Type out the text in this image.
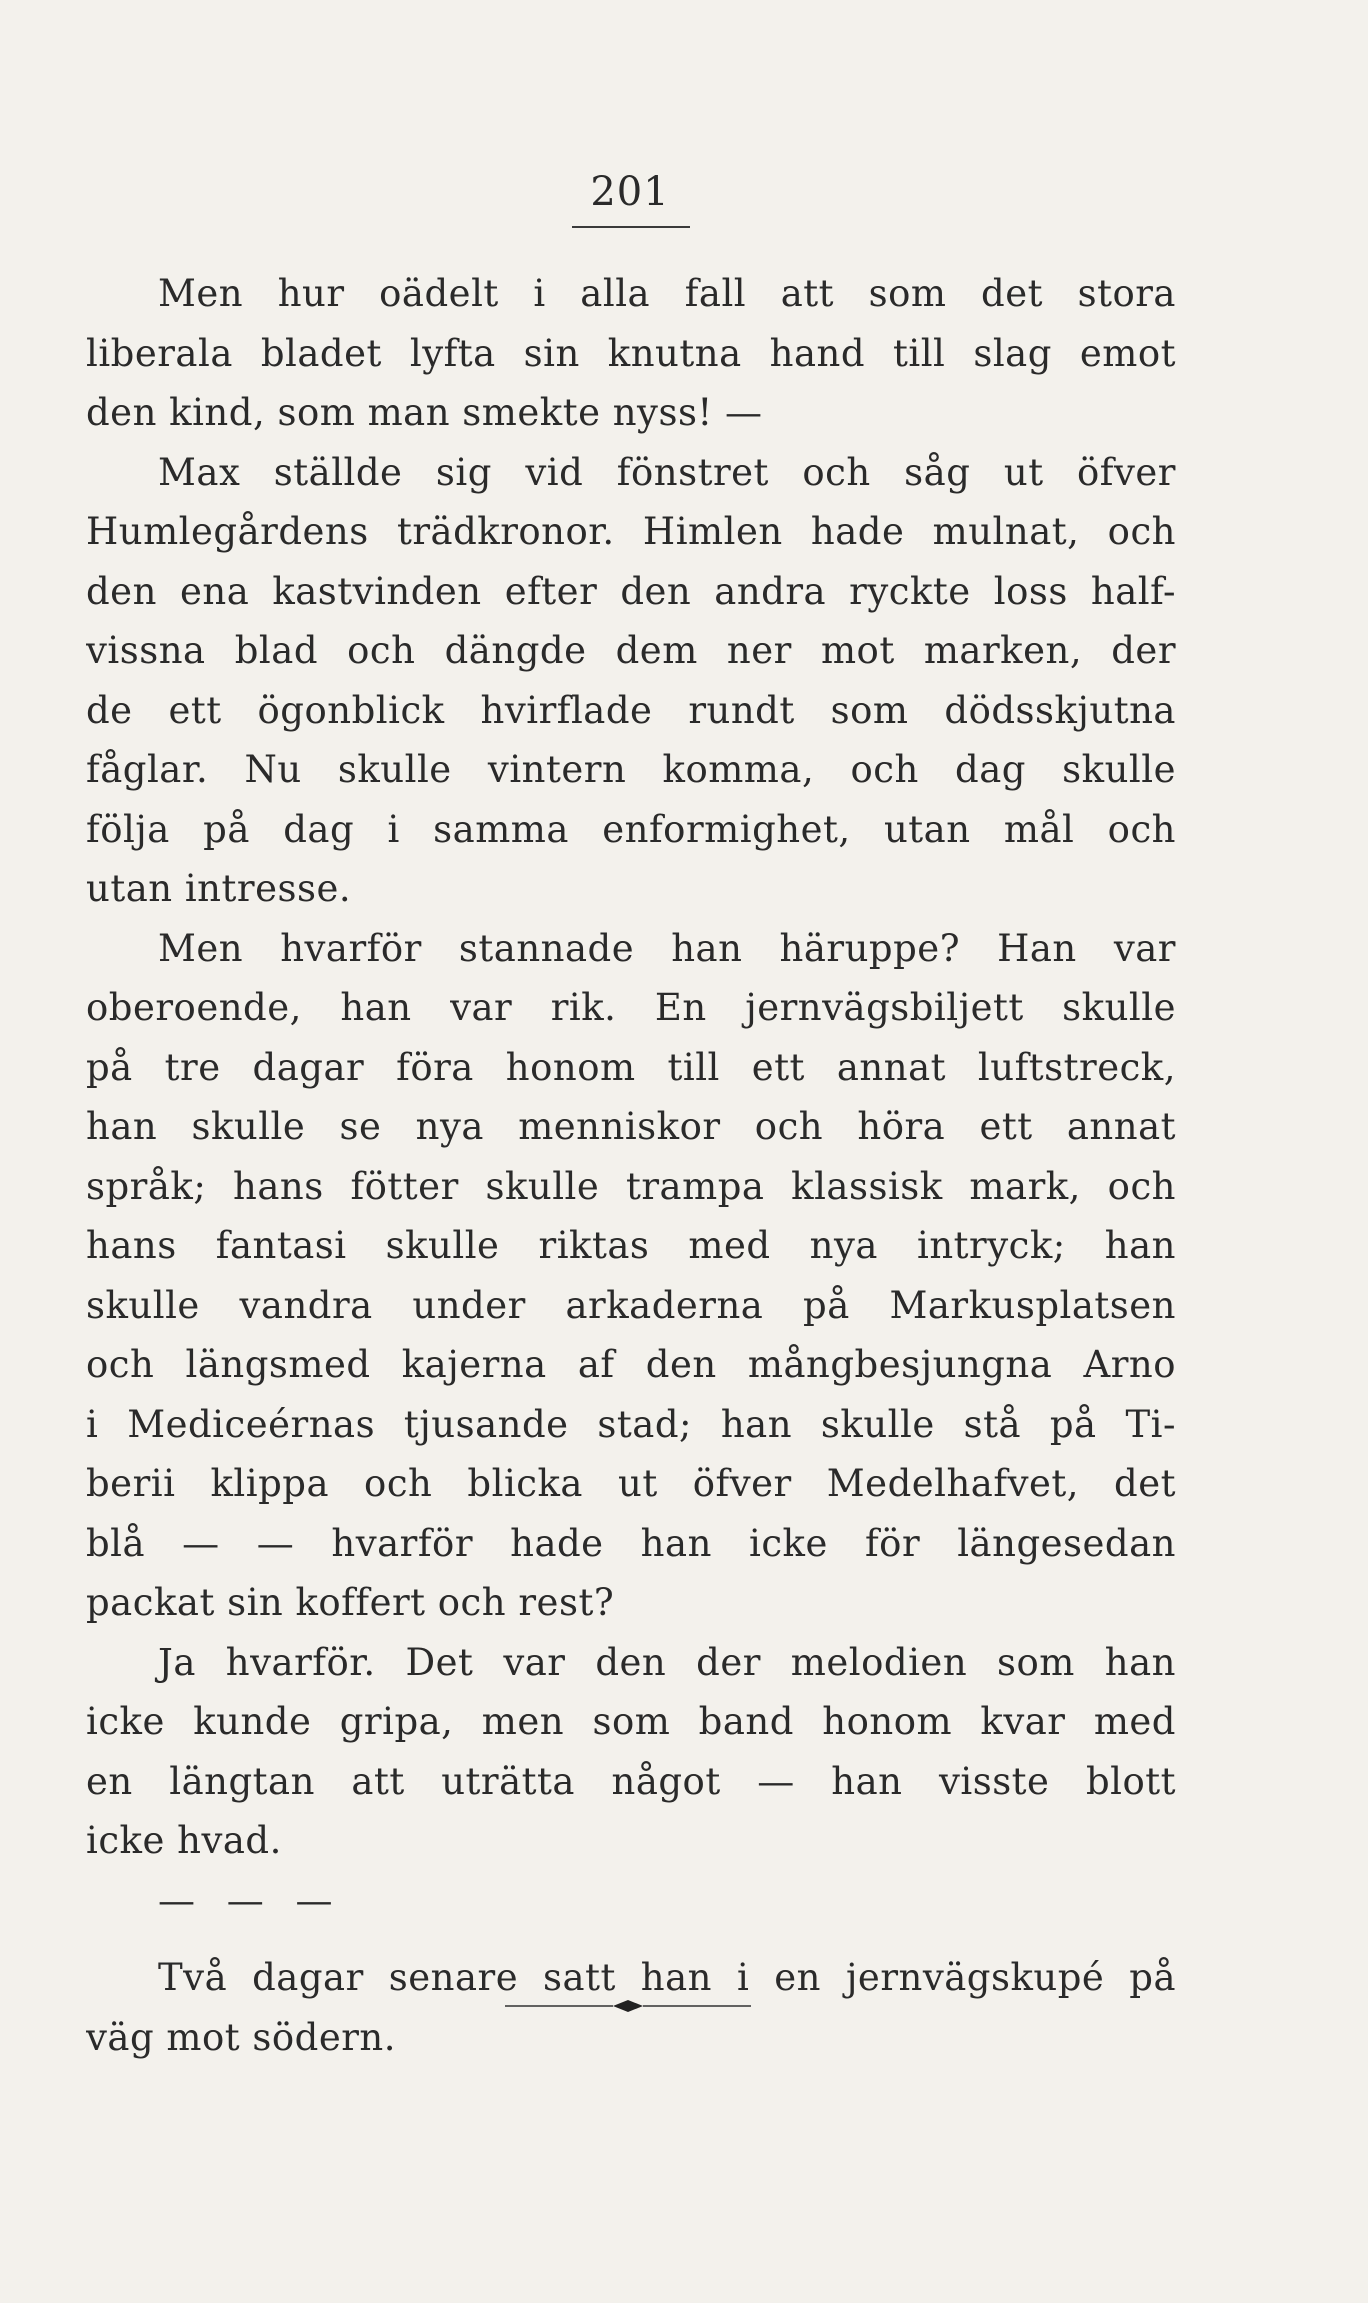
201
Men hur oädelt i alla fall att som det stora
liberala bladet lyfta sin knutna hand till slag emot
den kind, som man smekte nyss! —
Max ställde sig vid fönstret och såg ut öfver
Humlegårdens trädkronor. Himlen hade mulnat, och
den ena kastvinden efter den andra ryckte loss half-
vissna blad och dängde dem ner mot marken, der
de ett ögonblick hvirflade rundt som dödsskjutna
fåglar. Nu skulle vintern komma, och dag skulle
följa på dag i samma enformighet, utan mål och
utan intresse.
Men hvarför stannade han häruppe? Han var
oberoende, han var rik. En jernvägsbiljett skulle
på tre dagar föra honom till ett annat luftstreck,
han skulle se nya menniskor och höra ett annat
språk; hans fötter skulle trampa klassisk mark, och
hans fantasi skulle riktas med nya intryck; han
skulle vandra under arkaderna på Markusplatsen
och längsmed kajerna af den mångbesjungna Arno
i Mediceérnas tjusande stad; han skulle stå på Ti-
berii klippa och blicka ut öfver Medelhafvet, det
blå — — hvarför hade han icke för längesedan
packat sin koffert och rest?
Ja hvarför. Det var den der melodien som han
icke kunde gripa, men som band honom kvar med
en längtan att uträtta något — han visste blott
icke hvad.
— — —
Två dagar senare satt han i en jernvägskupé på
väg mot södern.
